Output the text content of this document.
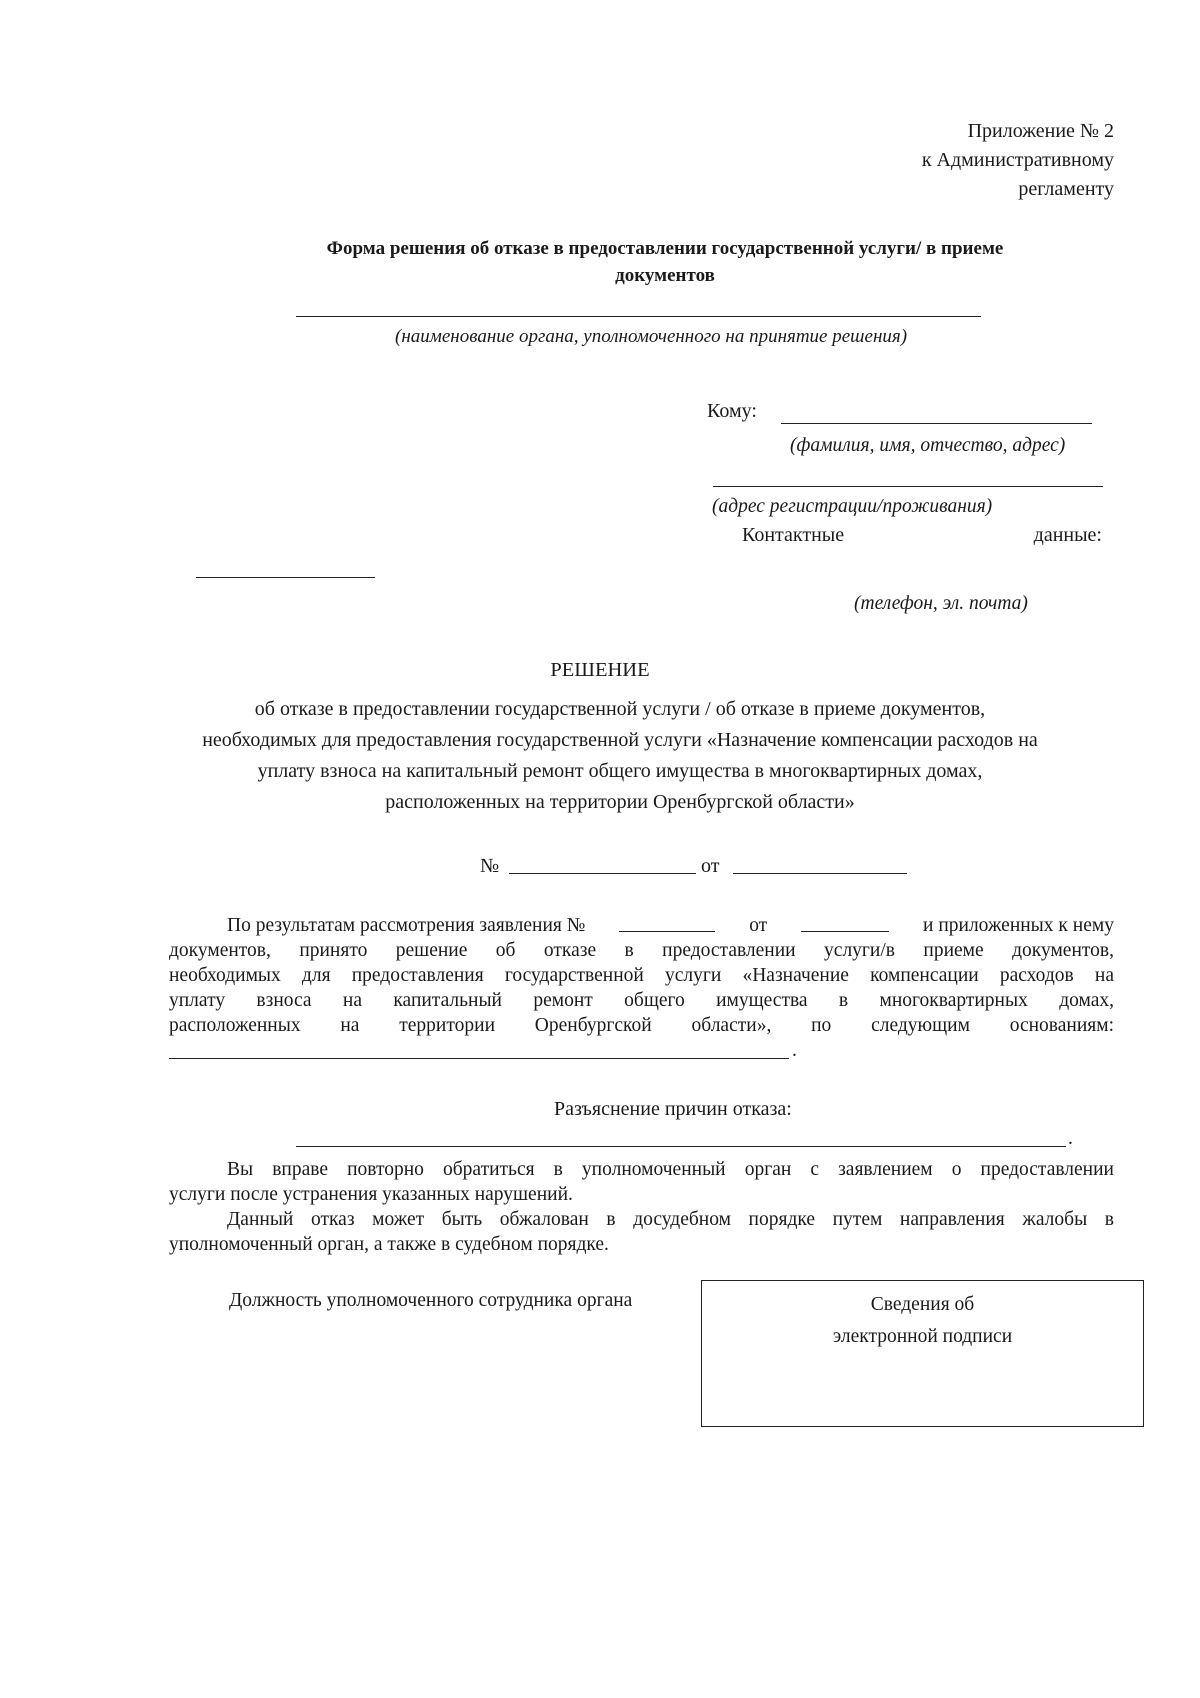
Приложение № 2
к Административному
регламенту
Форма решения об отказе в предоставлении государственной услуги/ в приеме
документов
(наименование органа, уполномоченного на принятие решения)
Кому:
(фамилия, имя, отчество, адрес)
(адрес регистрации/проживания)
Контактные	данные:
(телефон, эл. почта)
РЕШЕНИЕ
об отказе в предоставлении государственной услуги / об отказе в приеме документов,
необходимых для предоставления государственной услуги «Назначение компенсации расходов на
уплату взноса на капитальный ремонт общего имущества в многоквартирных домах,
расположенных на территории Оренбургской области»
№	от
По результатам рассмотрения заявления №	от	и приложенных к нему
документов, принято решение об отказе в предоставлении услуги/в приеме документов,
необходимых для предоставления государственной услуги «Назначение компенсации расходов на
уплату взноса на капитальный ремонт общего имущества в многоквартирных домах,
расположенных на территории Оренбургской области», по следующим основаниям:
.
Разъяснение причин отказа:
.
Вы вправе повторно обратиться в уполномоченный орган с заявлением о предоставлении
услуги после устранения указанных нарушений.
Данный отказ может быть обжалован в досудебном порядке путем направления жалобы в
уполномоченный орган, а также в судебном порядке.
Должность уполномоченного сотрудника органа	Сведения об
электронной подписи
